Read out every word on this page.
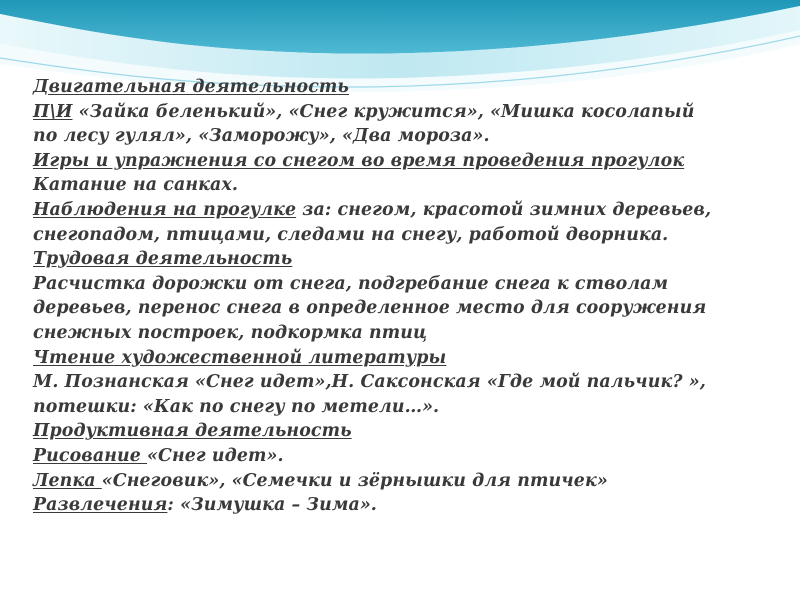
Двигательная деятельность
П\И «Зайка беленький», «Снег кружится», «Мишка косолапый
по лесу гулял», «Заморожу», «Два мороза».
Игры и упражнения со снегом во время проведения прогулок
Катание на санках.
Наблюдения на прогулке за: снегом, красотой зимних деревьев,
снегопадом, птицами, следами на снегу, работой дворника.
Трудовая деятельность
Расчистка дорожки от снега, подгребание снега к стволам
деревьев, перенос снега в определенное место для сооружения
снежных построек, подкормка птиц
Чтение художественной литературы
М. Познанская «Снег идет»,Н. Саксонская «Где мой пальчик? »,
потешки: «Как по снегу по метели…».
Продуктивная деятельность
Рисование «Снег идет».
Лепка «Снеговик», «Семечки и зёрнышки для птичек»
Развлечения: «Зимушка – Зима».
